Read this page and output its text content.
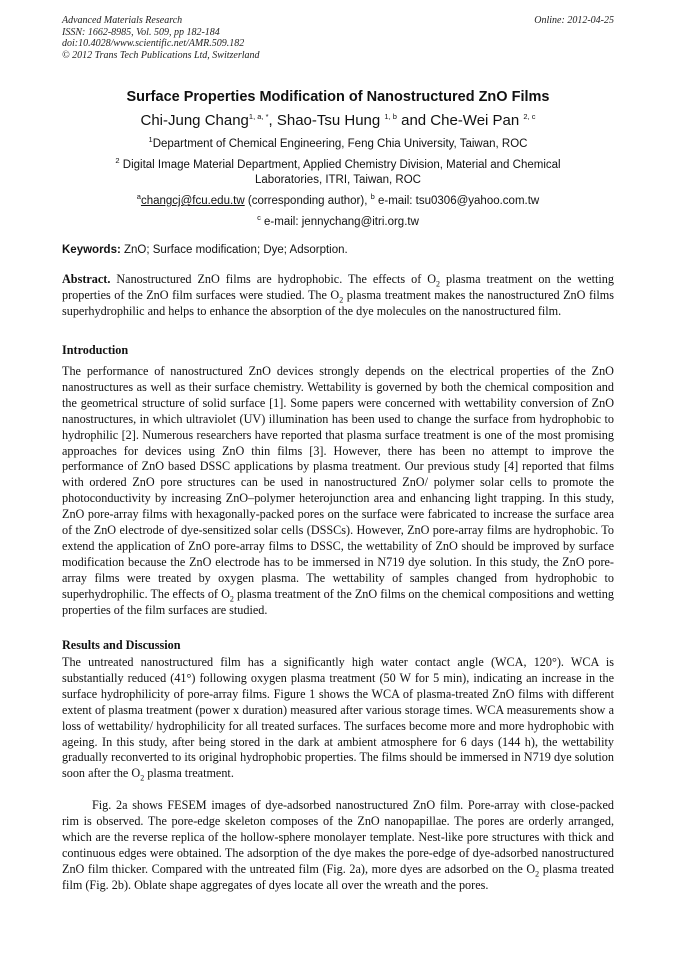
Advanced Materials Research
ISSN: 1662-8985, Vol. 509, pp 182-184
doi:10.4028/www.scientific.net/AMR.509.182
© 2012 Trans Tech Publications Ltd, Switzerland
Online: 2012-04-25
Surface Properties Modification of Nanostructured ZnO Films
Chi-Jung Chang$^{1, a, *}$, Shao-Tsu Hung $^{1, b}$ and Che-Wei Pan $^{2, c}$
$^1$Department of Chemical Engineering, Feng Chia University, Taiwan, ROC
$^2$ Digital Image Material Department, Applied Chemistry Division, Material and Chemical
Laboratories, ITRI, Taiwan, ROC
$^a$changcj@fcu.edu.tw (corresponding author), $^b$ e-mail: tsu0306@yahoo.com.tw
$^c$ e-mail: jennychang@itri.org.tw
Keywords: ZnO; Surface modification; Dye; Adsorption.

Abstract. Nanostructured ZnO films are hydrophobic. The effects of $O_2$ plasma treatment on the wetting properties of the ZnO film surfaces were studied. The $O_2$ plasma treatment makes the nanostructured ZnO films superhydrophilic and helps to enhance the absorption of the dye molecules on the nanostructured film.

Introduction

The performance of nanostructured ZnO devices strongly depends on the electrical properties of the ZnO nanostructures as well as their surface chemistry. Wettability is governed by both the chemical composition and the geometrical structure of solid surface [1]. Some papers were concerned with wettability conversion of ZnO nanostructures, in which ultraviolet (UV) illumination has been used to change the surface from hydrophobic to hydrophilic [2]. Numerous researchers have reported that plasma surface treatment is one of the most promising approaches for devices using ZnO thin films [3]. However, there has been no attempt to improve the performance of ZnO based DSSC applications by plasma treatment. Our previous study [4] reported that films with ordered ZnO pore structures can be used in nanostructured ZnO/ polymer solar cells to promote the photoconductivity by increasing ZnO–polymer heterojunction area and enhancing light trapping. In this study, ZnO pore-array films with hexagonally-packed pores on the surface were fabricated to increase the surface area of the ZnO electrode of dye-sensitized solar cells (DSSCs). However, ZnO pore-array films are hydrophobic. To extend the application of ZnO pore-array films to DSSC, the wettability of ZnO should be improved by surface modification because the ZnO electrode has to be immersed in N719 dye solution. In this study, the ZnO pore-array films were treated by oxygen plasma. The wettability of samples changed from hydrophobic to superhydrophilic. The effects of $O_2$ plasma treatment of the ZnO films on the chemical compositions and wetting properties of the film surfaces are studied.

Results and Discussion

The untreated nanostructured film has a significantly high water contact angle (WCA, 120°). WCA is substantially reduced (41°) following oxygen plasma treatment (50 W for 5 min), indicating an increase in the surface hydrophilicity of pore-array films. Figure 1 shows the WCA of plasma-treated ZnO films with different extent of plasma treatment (power x duration) measured after various storage times. WCA measurements show a loss of wettability/ hydrophilicity for all treated surfaces. The surfaces become more and more hydrophobic with ageing. In this study, after being stored in the dark at ambient atmosphere for 6 days (144 h), the wettability gradually reconverted to its original hydrophobic properties. The films should be immersed in N719 dye solution soon after the $O_2$ plasma treatment.

Fig. 2a shows FESEM images of dye-adsorbed nanostructured ZnO film. Pore-array with close-packed rim is observed. The pore-edge skeleton composes of the ZnO nanopapillae. The pores are orderly arranged, which are the reverse replica of the hollow-sphere monolayer template. Nest-like pore structures with thick and continuous edges were obtained. The adsorption of the dye makes the pore-edge of dye-adsorbed nanostructured ZnO film thicker. Compared with the untreated film (Fig. 2a), more dyes are adsorbed on the $O_2$ plasma treated film (Fig. 2b). Oblate shape aggregates of dyes locate all over the wreath and the pores.
